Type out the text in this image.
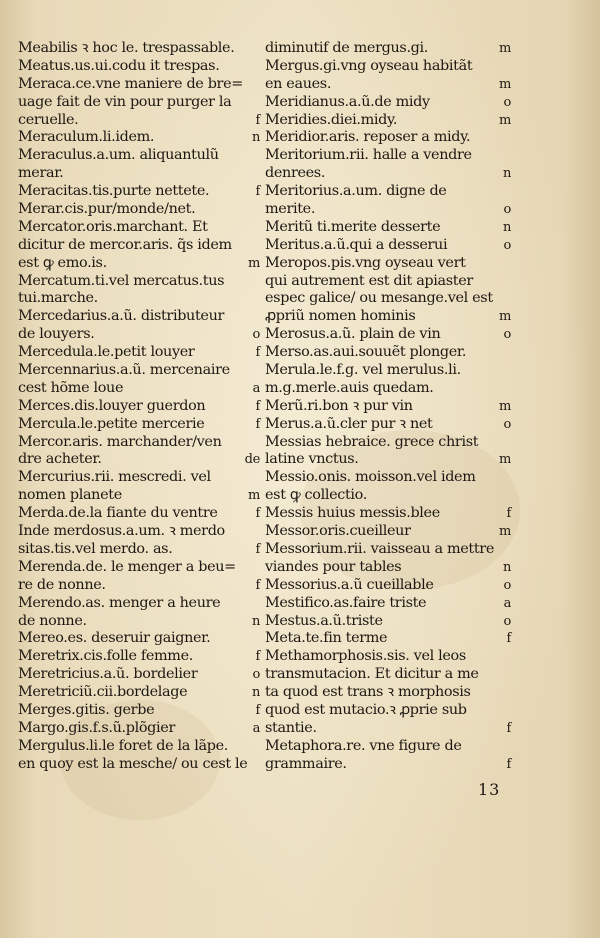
Meabilis ꝛ hoc le. trespassable.
Meatus.us.ui.codu it trespas.
Meraca.ce.vne maniere de bre=
uage fait de vin pour purger la
ceruelle.	f
Meraculum.li.idem.	n
Meraculus.a.um. aliquantulũ
merar.
Meracitas.tis.purte nettete.	f
Merar.cis.pur/monde/net.
Mercator.oris.marchant. Et
dicitur de mercor.aris. q̃s idem
est ꝙ emo.is.	m
Mercatum.ti.vel mercatus.tus
tui.marche.
Mercedarius.a.ũ. distributeur
de louyers.	o
Mercedula.le.petit louyer	f
Mercennarius.a.ũ. mercenaire
cest hõme loue	a
Merces.dis.louyer guerdon	f
Mercula.le.petite mercerie	f
Mercor.aris. marchander/ven
dre acheter.	de
Mercurius.rii. mescredi. vel
nomen planete	m
Merda.de.la fiante du ventre	f
Inde merdosus.a.um. ꝛ merdo
sitas.tis.vel merdo. as.	f
Merenda.de. le menger a beu=
re de nonne.	f
Merendo.as. menger a heure
de nonne.	n
Mereo.es. deseruir gaigner.
Meretrix.cis.folle femme.	f
Meretricius.a.ũ. bordelier	o
Meretriciũ.cii.bordelage	n
Merges.gitis. gerbe	f
Margo.gis.f.s.ũ.plõgier	a
Mergulus.li.le foret de la lãpe.
en quoy est la mesche/ ou cest le
diminutif de mergus.gi.	m
Mergus.gi.vng oyseau habitãt
en eaues.	m
Meridianus.a.ũ.de midy	o
Meridies.diei.midy.	m
Meridior.aris. reposer a midy.
Meritorium.rii. halle a vendre
denrees.	n
Meritorius.a.um. digne de
merite.	o
Meritũ ti.merite desserte	n
Meritus.a.ũ.qui a desserui	o
Meropos.pis.vng oyseau vert
qui autrement est dit apiaster
espec galice/ ou mesange.vel est
ꝓpriũ nomen hominis	m
Merosus.a.ũ. plain de vin	o
Merso.as.aui.souuẽt plonger.
Merula.le.f.g. vel merulus.li.
m.g.merle.auis quedam.
Merũ.ri.bon ꝛ pur vin	m
Merus.a.ũ.cler pur ꝛ net	o
Messias hebraice. grece christ
latine vnctus.	m
Messio.onis. moisson.vel idem
est ꝙ collectio.
Messis huius messis.blee	f
Messor.oris.cueilleur	m
Messorium.rii. vaisseau a mettre
viandes pour tables	n
Messorius.a.ũ cueillable	o
Mestifico.as.faire triste	a
Mestus.a.ũ.triste	o
Meta.te.fin terme	f
Methamorphosis.sis. vel leos
transmutacion. Et dicitur a me
ta quod est trans ꝛ morphosis
quod est mutacio.ꝛ ꝓprie sub
stantie.	f
Metaphora.re. vne figure de
grammaire.	f
13
